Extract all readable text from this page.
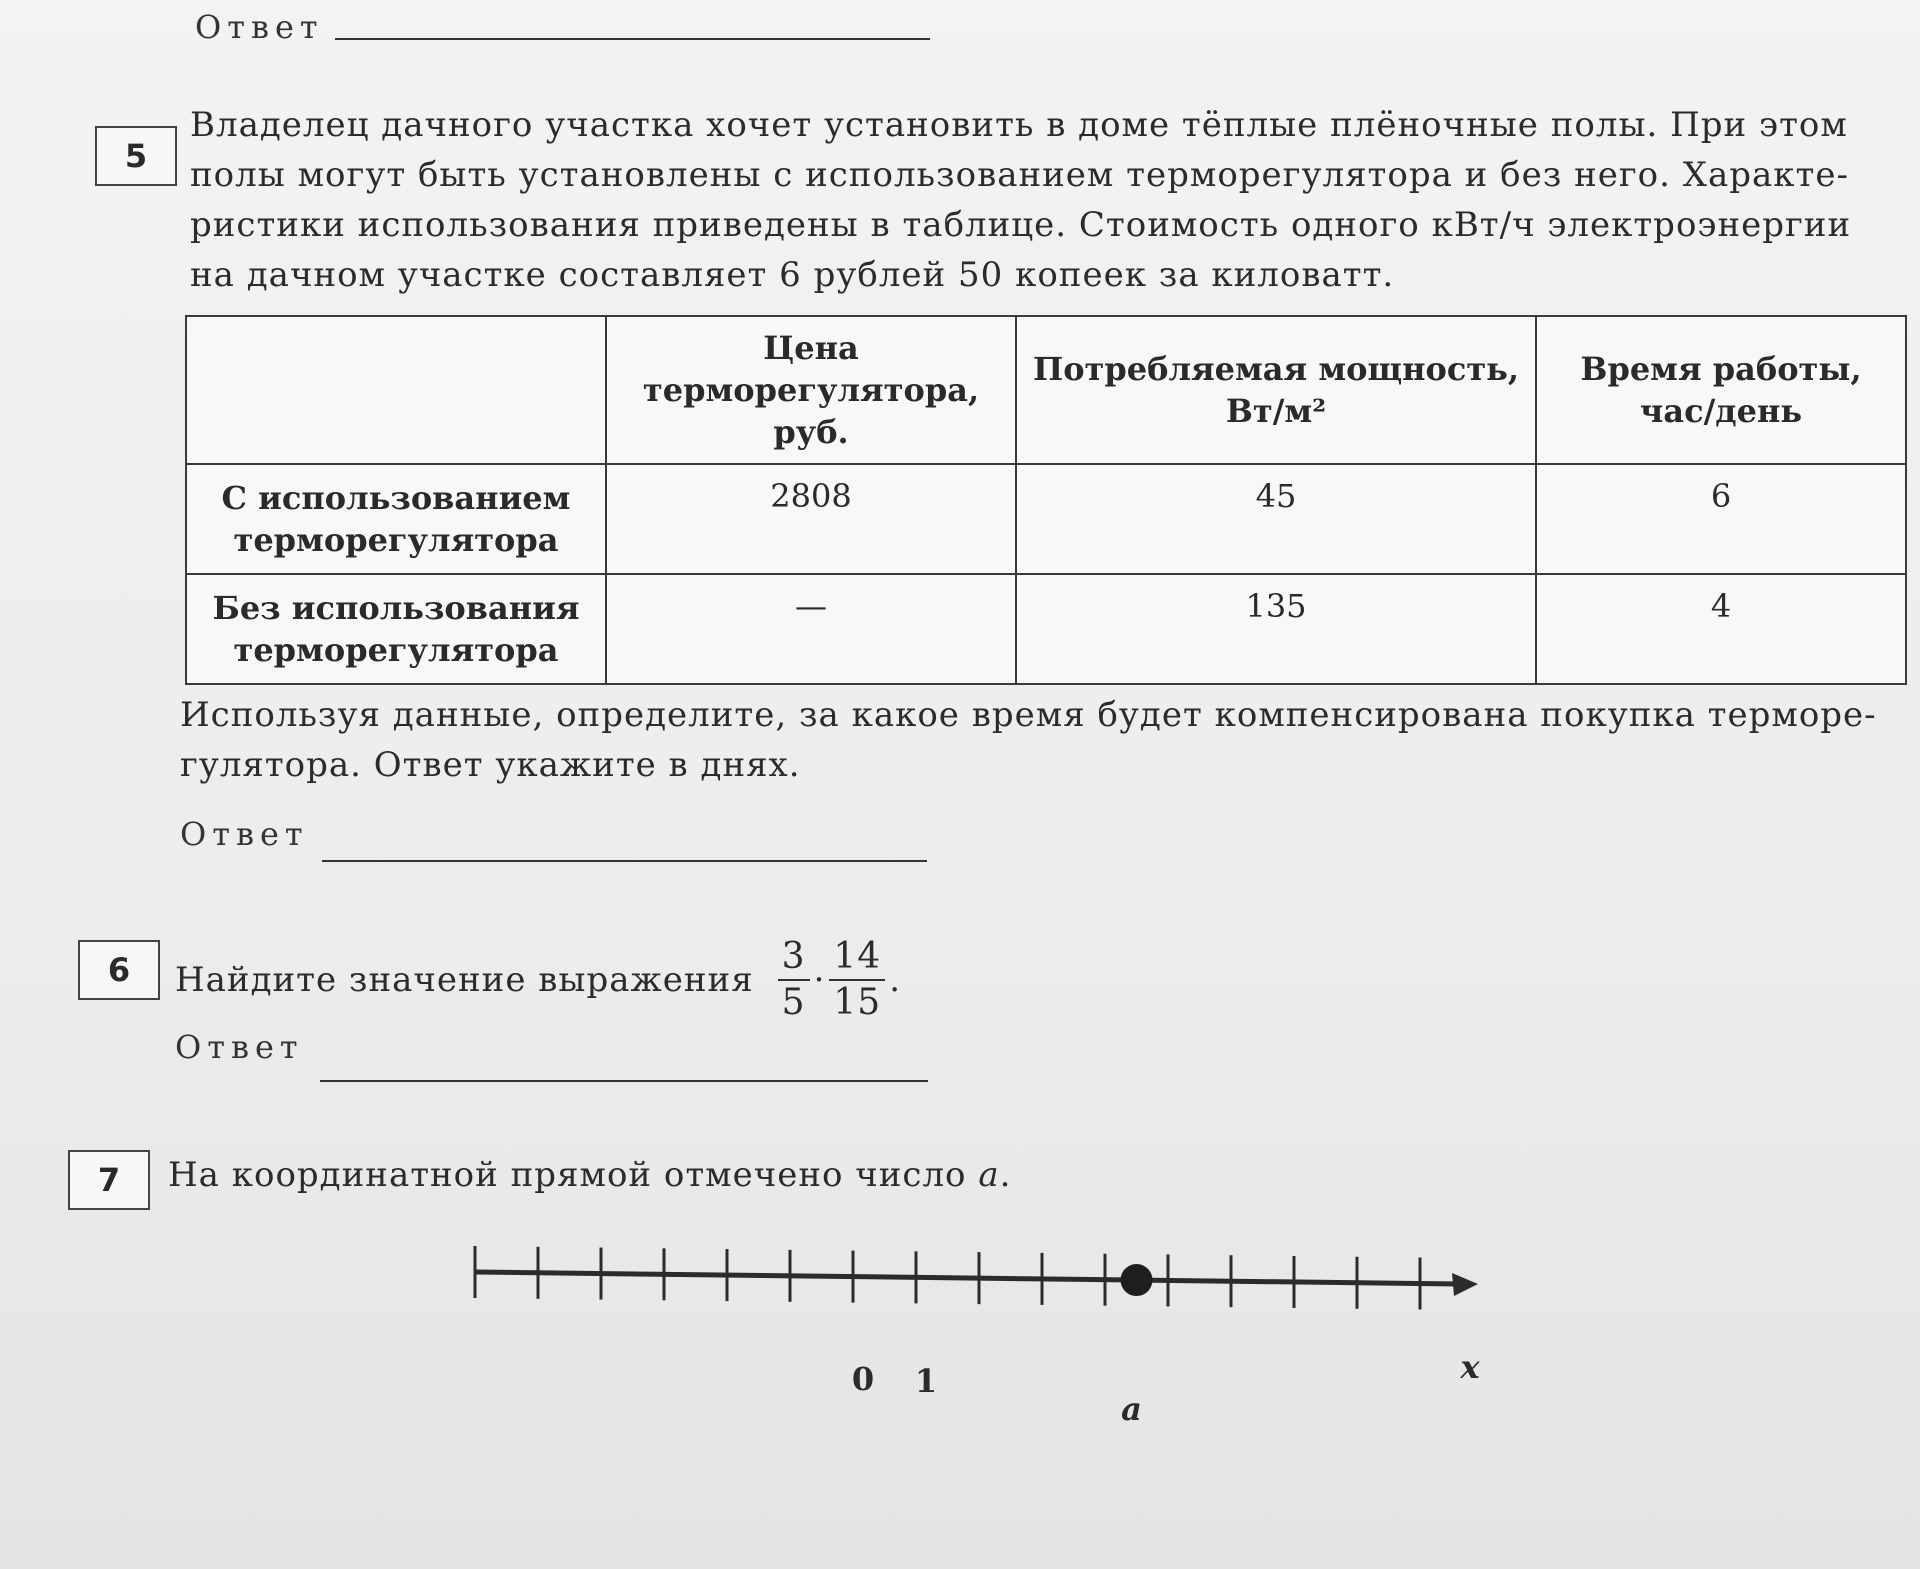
Ответ
5

Владелец дачного участка хочет установить в доме тёплые плёночные полы. При этом

полы могут быть установлены с использованием терморегулятора и без него. Характе-

ристики использования приведены в таблице. Стоимость одного кВт/ч электроэнергии

на дачном участке составляет 6 рублей 50 копеек за киловатт.

	Цена терморегулятора, руб.	Потребляемая мощность, Вт/м²	Время работы, час/день
С использованием терморегулятора	2808	45	6
Без использования терморегулятора	—	135	4

Используя данные, определите, за какое время будет компенсирована покупка терморе-

гулятора. Ответ укажите в днях.

Ответ
6	Найдите значение выражения $\frac{3}{5} \cdot \frac{14}{15}$ .
Ответ
7	На координатной прямой отмечено число a.
0 1
a
x
